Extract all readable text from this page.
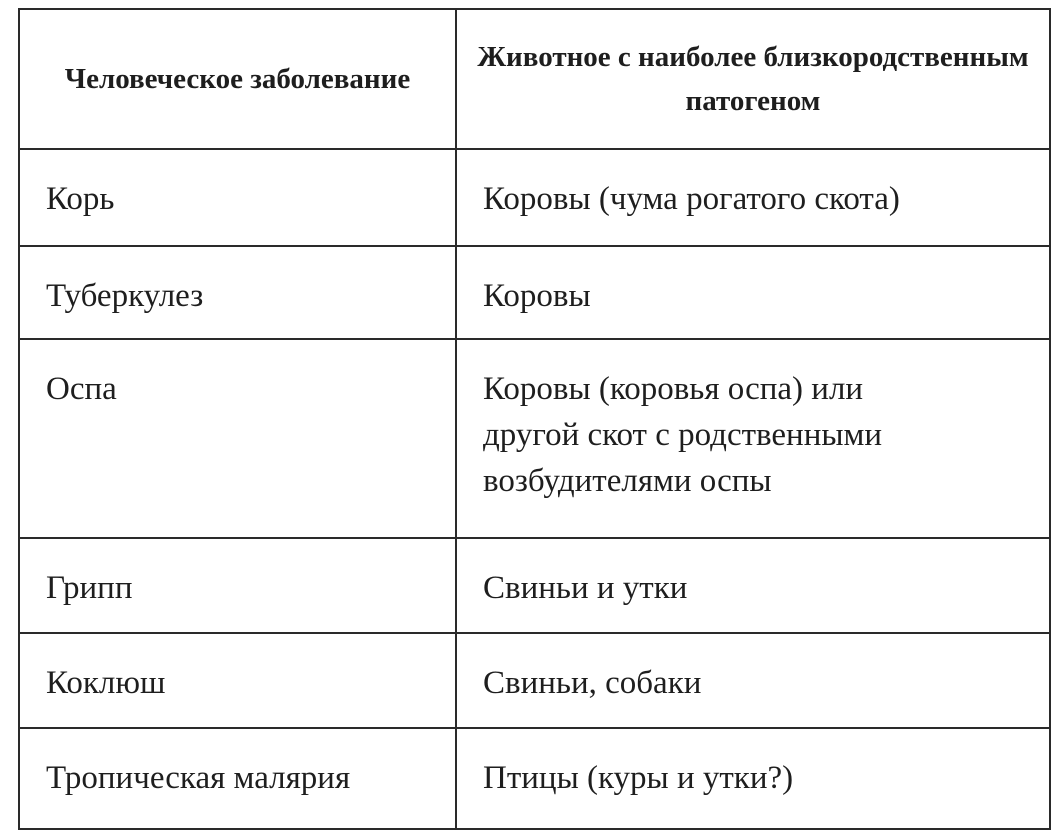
Человеческое заболевание	Животное с наиболее близкородственным патогеном
Корь	Коровы (чума рогатого скота)

Туберкулез	Коровы

Оспа	Коровы (коровья оспа) или
другой скот с родственными
возбудителями оспы

Грипп	Свиньи и утки

Коклюш	Свиньи, собаки

Тропическая малярия	Птицы (куры и утки?)
